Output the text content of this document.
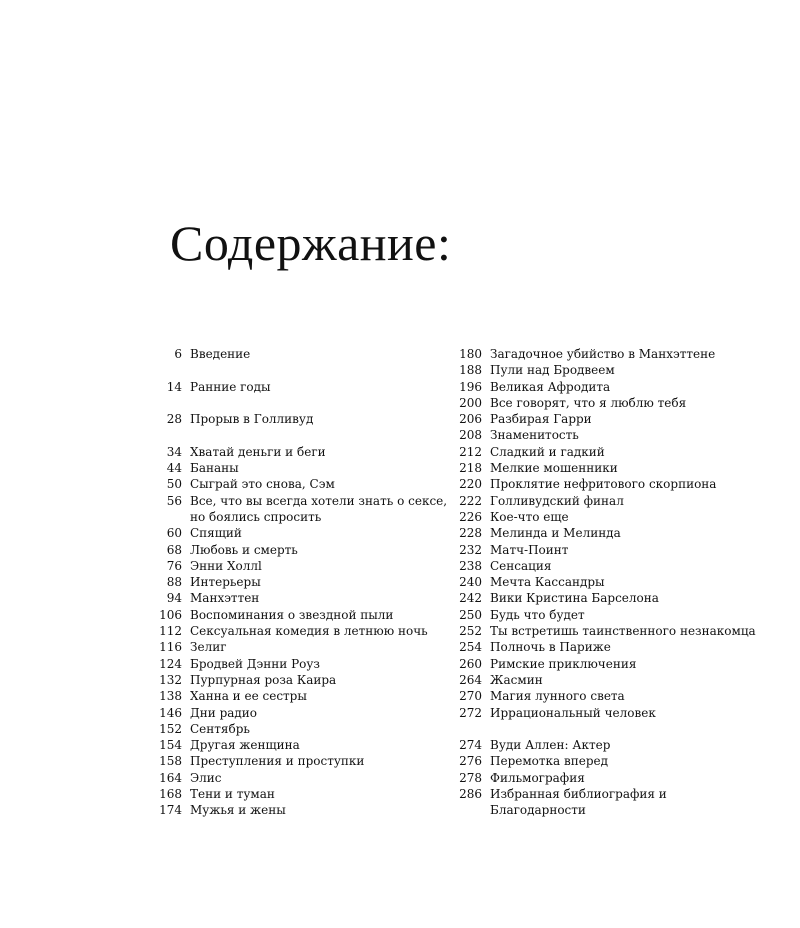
Содержание:
6 Введение
14 Ранние годы
28 Прорыв в Голливуд
34 Хватай деньги и беги
44 Бананы
50 Сыграй это снова, Сэм
56 Все, что вы всегда хотели знать о сексе,
но боялись спросить
60 Спящий
68 Любовь и смерть
76 Энни Холлl
88 Интерьеры
94 Манхэттен
106 Воспоминания о звездной пыли
112 Сексуальная комедия в летнюю ночь
116 Зелиг
124 Бродвей Дэнни Роуз
132 Пурпурная роза Каира
138 Ханна и ее сестры
146 Дни радио
152 Сентябрь
154 Другая женщина
158 Преступления и проступки
164 Элис
168 Тени и туман
174 Мужья и жены
180 Загадочное убийство в Манхэттене
188 Пули над Бродвеем
196 Великая Афродита
200 Все говорят, что я люблю тебя
206 Разбирая Гарри
208 Знаменитость
212 Сладкий и гадкий
218 Мелкие мошенники
220 Проклятие нефритового скорпиона
222 Голливудский финал
226 Кое-что еще
228 Мелинда и Мелинда
232 Матч-Поинт
238 Сенсация
240 Мечта Кассандры
242 Вики Кристина Барселона
250 Будь что будет
252 Ты встретишь таинственного незнакомца
254 Полночь в Париже
260 Римские приключения
264 Жасмин
270 Магия лунного света
272 Иррациональный человек
274 Вуди Аллен: Актер
276 Перемотка вперед
278 Фильмография
286 Избранная библиография и
Благодарности
